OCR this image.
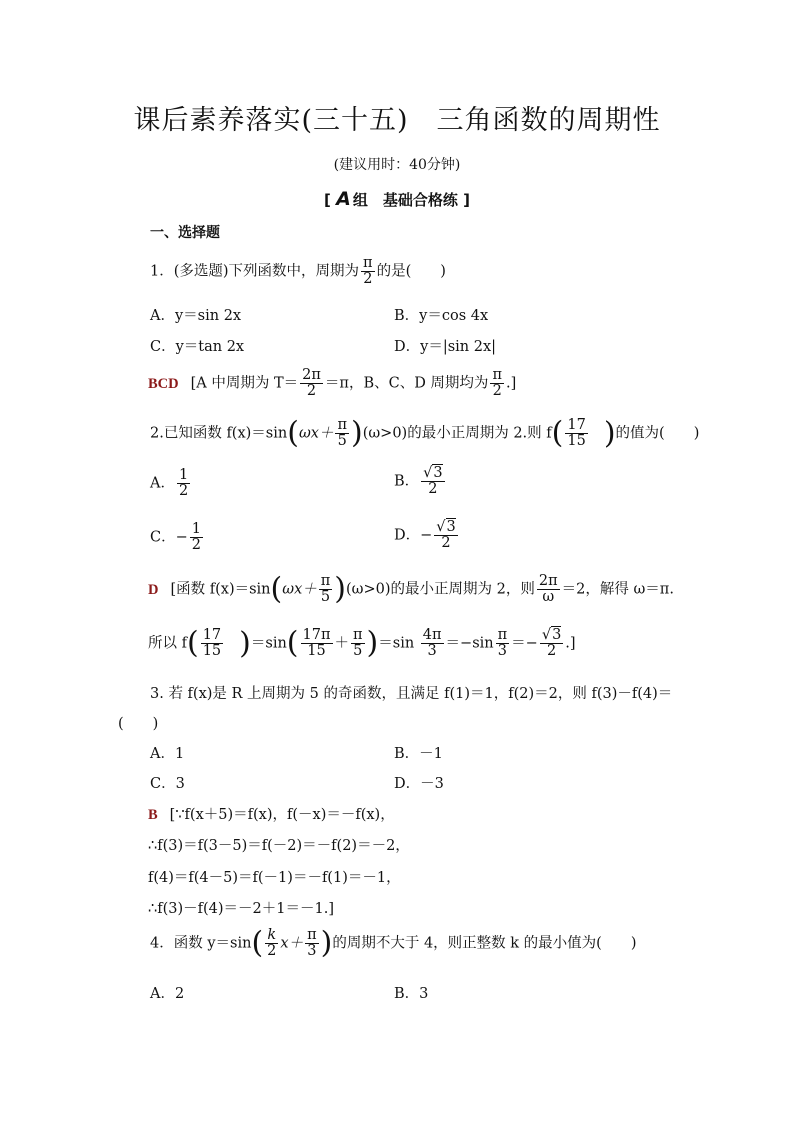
课后素养落实(三十五)　三角函数的周期性
(建议用时：40分钟)
[ A 组　基础合格练 ]
一、选择题
1．(多选题)下列函数中，周期为 $\frac{\pi}{2}$ 的是(　　)
A．y＝sin 2x	B．y＝cos 4x
C．y＝tan 2x	D．y＝|sin 2x|
BCD [A 中周期为 $T= \frac{2\pi}{2} =\pi$，B、C、D 周期均为 $\frac{\pi}{2}$ .]
2.已知函数 $f(x)=\sin(\omega x+ \frac{\pi}{5} )(\omega>0)$的最小正周期为 2.则 $f( \frac{17}{15}$ )的值为(　　)
A． $\frac{1}{2}$	B． $\frac{√3}{2}$
C．− $\frac{1}{2}$	D．− $\frac{√3}{2}$
D [函数 $f(x)=\sin(\omega x+ \frac{\pi}{5} )(\omega>0)$的最小正周期为 2，则 $\frac{2\pi}{\omega} =2$，解得 ω＝π.
所以 $f( \frac{17}{15} )=\sin( \frac{17\pi}{15} + \frac{\pi}{5} )=\sin \frac{4\pi}{3} =-\sin \frac{\pi}{3} =- \frac{√3}{2}$ .]
3. 若 f(x)是 R 上周期为 5 的奇函数，且满足 f(1)＝1，f(2)＝2，则 f(3)－f(4)＝
(　　)
A．1	B．－1
C．3	D．－3
B [∵f(x＋5)＝f(x)，f(－x)＝－f(x)，
∴f(3)＝f(3－5)＝f(－2)＝－f(2)＝－2，
f(4)＝f(4－5)＝f(－1)＝－f(1)＝－1，
∴f(3)－f(4)＝－2＋1＝－1.]
4．函数 $y=\sin( \frac{k}{2} x+ \frac{\pi}{3}$ )的周期不大于 4，则正整数 k 的最小值为(　　)
A．2	B．3
